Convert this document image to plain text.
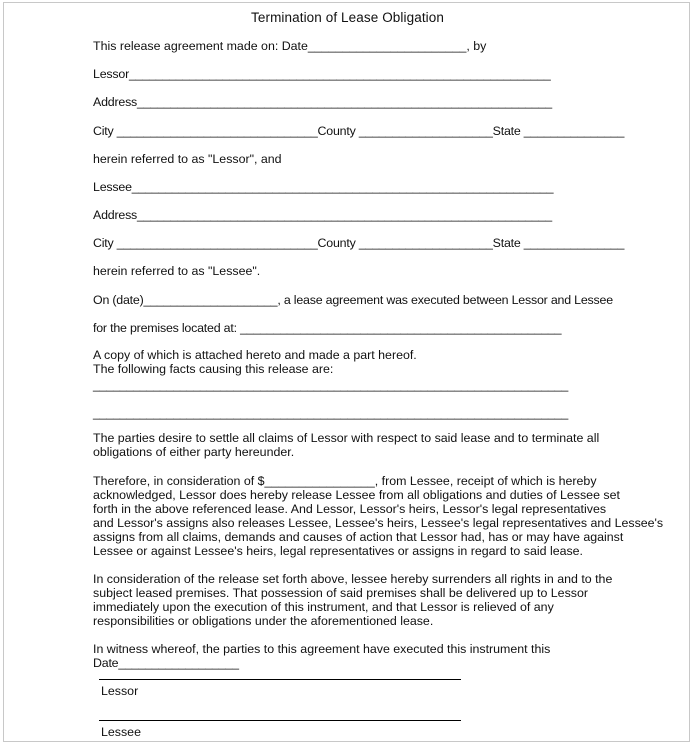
Termination of Lease Obligation
This release agreement made on: Date_______________________, by
Lessor_______________________________________________________________
Address______________________________________________________________
City ______________________________County ____________________State _______________
herein referred to as "Lessor", and
Lessee_______________________________________________________________
Address______________________________________________________________
City ______________________________County ____________________State _______________
herein referred to as "Lessee".
On (date)____________________, a lease agreement was executed between Lessor and Lessee
for the premises located at: ________________________________________________
A copy of which is attached hereto and made a part hereof.
The following facts causing this release are:
_______________________________________________________________________
_______________________________________________________________________
The parties desire to settle all claims of Lessor with respect to said lease and to terminate all
obligations of either party hereunder.
Therefore, in consideration of $________________, from Lessee, receipt of which is hereby
acknowledged, Lessor does hereby release Lessee from all obligations and duties of Lessee set
forth in the above referenced lease. And Lessor, Lessor's heirs, Lessor's legal representatives
and Lessor's assigns also releases Lessee, Lessee's heirs, Lessee's legal representatives and Lessee's
assigns from all claims, demands and causes of action that Lessor had, has or may have against
Lessee or against Lessee's heirs, legal representatives or assigns in regard to said lease.
In consideration of the release set forth above, lessee hereby surrenders all rights in and to the
subject leased premises. That possession of said premises shall be delivered up to Lessor
immediately upon the execution of this instrument, and that Lessor is relieved of any
responsibilities or obligations under the aforementioned lease.
In witness whereof, the parties to this agreement have executed this instrument this
Date__________________
Lessor
Lessee
